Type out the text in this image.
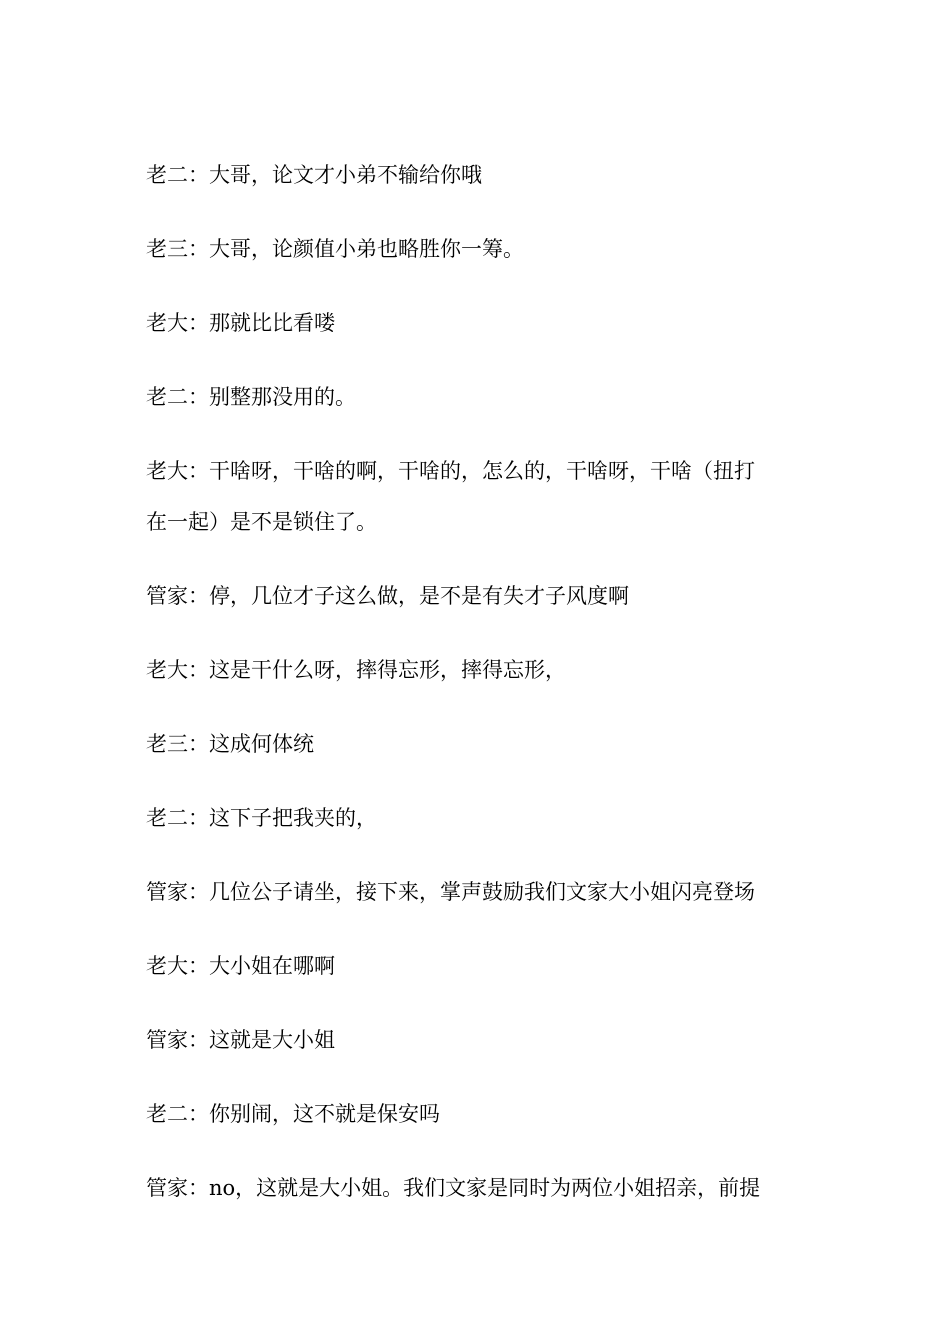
老二：大哥，论文才小弟不输给你哦

老三：大哥，论颜值小弟也略胜你一筹。

老大：那就比比看喽

老二：别整那没用的。

老大：干啥呀，干啥的啊，干啥的，怎么的，干啥呀，干啥（扭打

在一起）是不是锁住了。

管家：停，几位才子这么做，是不是有失才子风度啊

老大：这是干什么呀，摔得忘形，摔得忘形，

老三：这成何体统

老二：这下子把我夹的，

管家：几位公子请坐，接下来，掌声鼓励我们文家大小姐闪亮登场

老大：大小姐在哪啊

管家：这就是大小姐

老二：你别闹，这不就是保安吗

管家：no，这就是大小姐。我们文家是同时为两位小姐招亲，前提
